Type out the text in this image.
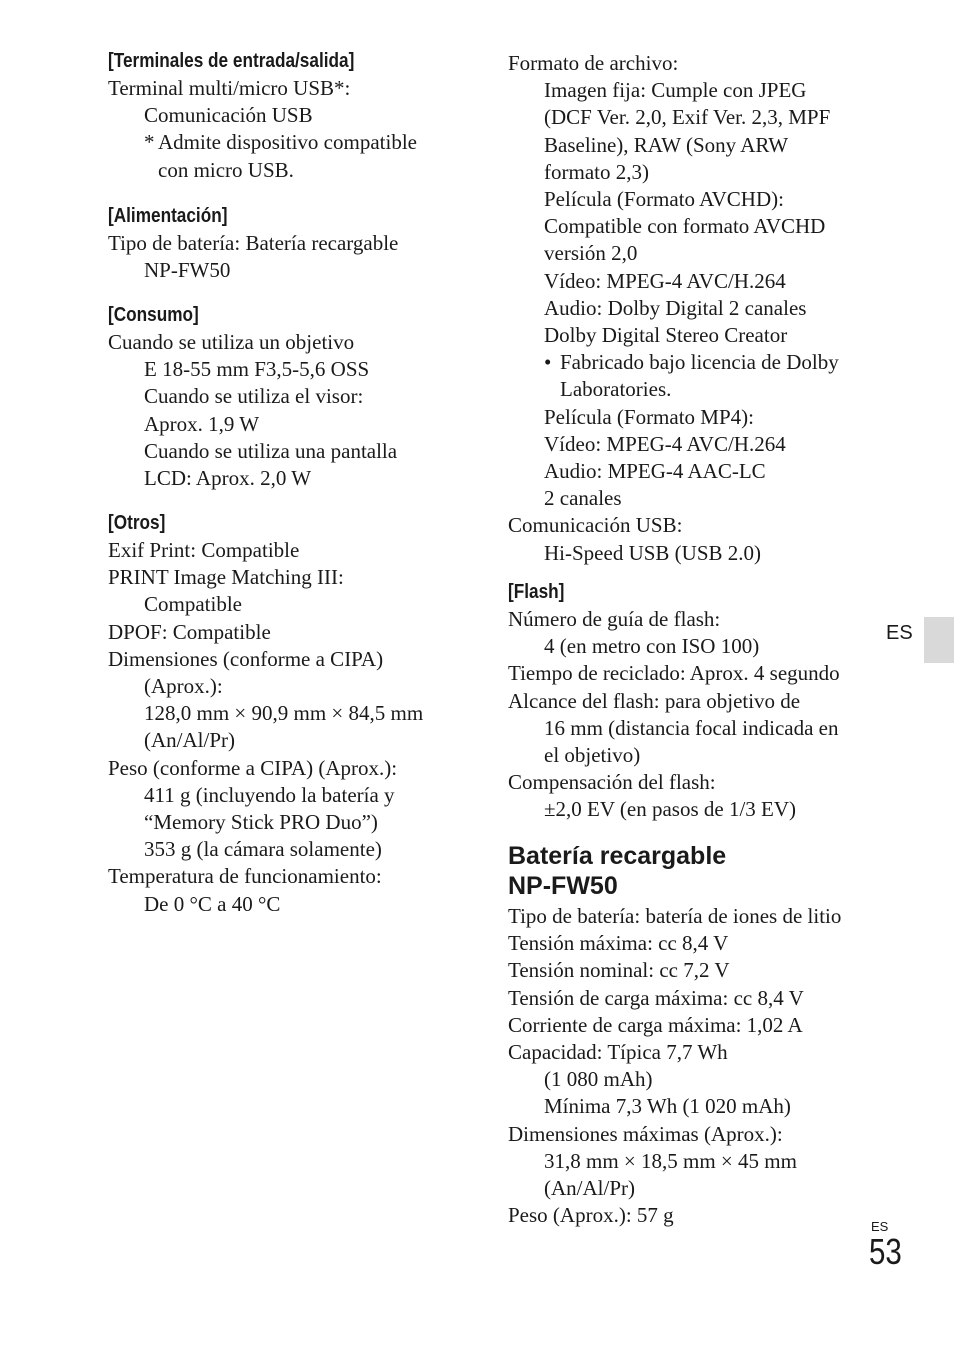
[Terminales de entrada/salida]
Terminal multi/micro USB*:
Comunicación USB
* Admite dispositivo compatible
con micro USB.
[Alimentación]
Tipo de batería: Batería recargable
NP-FW50
[Consumo]
Cuando se utiliza un objetivo
E 18-55 mm F3,5-5,6 OSS
Cuando se utiliza el visor:
Aprox. 1,9 W
Cuando se utiliza una pantalla
LCD: Aprox. 2,0 W
[Otros]
Exif Print: Compatible
PRINT Image Matching III:
Compatible
DPOF: Compatible
Dimensiones (conforme a CIPA)
(Aprox.):
128,0 mm × 90,9 mm × 84,5 mm
(An/Al/Pr)
Peso (conforme a CIPA) (Aprox.):
411 g (incluyendo la batería y
“Memory Stick PRO Duo”)
353 g (la cámara solamente)
Temperatura de funcionamiento:
De 0 °C a 40 °C
Formato de archivo:
Imagen fija: Cumple con JPEG
(DCF Ver. 2,0, Exif Ver. 2,3, MPF
Baseline), RAW (Sony ARW
formato 2,3)
Película (Formato AVCHD):
Compatible con formato AVCHD
versión 2,0
Vídeo: MPEG-4 AVC/H.264
Audio: Dolby Digital 2 canales
Dolby Digital Stereo Creator
• Fabricado bajo licencia de Dolby
Laboratories.
Película (Formato MP4):
Vídeo: MPEG-4 AVC/H.264
Audio: MPEG-4 AAC-LC
2 canales
Comunicación USB:
Hi-Speed USB (USB 2.0)
[Flash]
Número de guía de flash:
4 (en metro con ISO 100)
Tiempo de reciclado: Aprox. 4 segundo
Alcance del flash: para objetivo de
16 mm (distancia focal indicada en
el objetivo)
Compensación del flash:
±2,0 EV (en pasos de 1/3 EV)
Batería recargable
NP-FW50
Tipo de batería: batería de iones de litio
Tensión máxima: cc 8,4 V
Tensión nominal: cc 7,2 V
Tensión de carga máxima: cc 8,4 V
Corriente de carga máxima: 1,02 A
Capacidad: Típica 7,7 Wh
(1 080 mAh)
Mínima 7,3 Wh (1 020 mAh)
Dimensiones máximas (Aprox.):
31,8 mm × 18,5 mm × 45 mm
(An/Al/Pr)
Peso (Aprox.): 57 g
ES
ES
53
